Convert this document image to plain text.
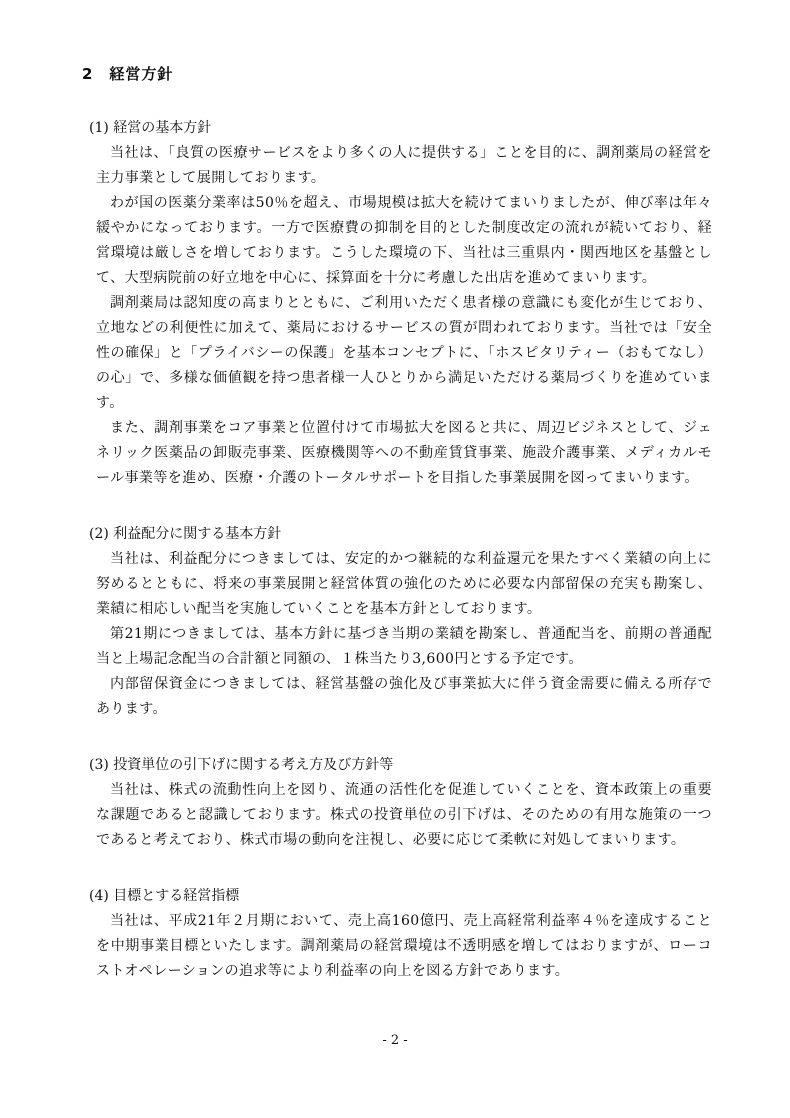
2　経営方針
(1) 経営の基本方針

当社は、「良質の医療サービスをより多くの人に提供する」ことを目的に、調剤薬局の経営を主力事業として展開しております。

わが国の医薬分業率は50％を超え、市場規模は拡大を続けてまいりましたが、伸び率は年々緩やかになっております。一方で医療費の抑制を目的とした制度改定の流れが続いており、経営環境は厳しさを増しております。こうした環境の下、当社は三重県内・関西地区を基盤として、大型病院前の好立地を中心に、採算面を十分に考慮した出店を進めてまいります。

調剤薬局は認知度の高まりとともに、ご利用いただく患者様の意識にも変化が生じており、立地などの利便性に加えて、薬局におけるサービスの質が問われております。当社では「安全性の確保」と「プライバシーの保護」を基本コンセプトに、「ホスピタリティー（おもてなし）の心」で、多様な価値観を持つ患者様一人ひとりから満足いただける薬局づくりを進めています。

また、調剤事業をコア事業と位置付けて市場拡大を図ると共に、周辺ビジネスとして、ジェネリック医薬品の卸販売事業、医療機関等への不動産賃貸事業、施設介護事業、メディカルモール事業等を進め、医療・介護のトータルサポートを目指した事業展開を図ってまいります。

(2) 利益配分に関する基本方針

当社は、利益配分につきましては、安定的かつ継続的な利益還元を果たすべく業績の向上に努めるとともに、将来の事業展開と経営体質の強化のために必要な内部留保の充実も勘案し、業績に相応しい配当を実施していくことを基本方針としております。

第21期につきましては、基本方針に基づき当期の業績を勘案し、普通配当を、前期の普通配当と上場記念配当の合計額と同額の、１株当たり3,600円とする予定です。

内部留保資金につきましては、経営基盤の強化及び事業拡大に伴う資金需要に備える所存であります。

(3) 投資単位の引下げに関する考え方及び方針等

当社は、株式の流動性向上を図り、流通の活性化を促進していくことを、資本政策上の重要な課題であると認識しております。株式の投資単位の引下げは、そのための有用な施策の一つであると考えており、株式市場の動向を注視し、必要に応じて柔軟に対処してまいります。

(4) 目標とする経営指標

当社は、平成21年２月期において、売上高160億円、売上高経常利益率４％を達成することを中期事業目標といたします。調剤薬局の経営環境は不透明感を増してはおりますが、ローコストオペレーションの追求等により利益率の向上を図る方針であります。

- 2 -
